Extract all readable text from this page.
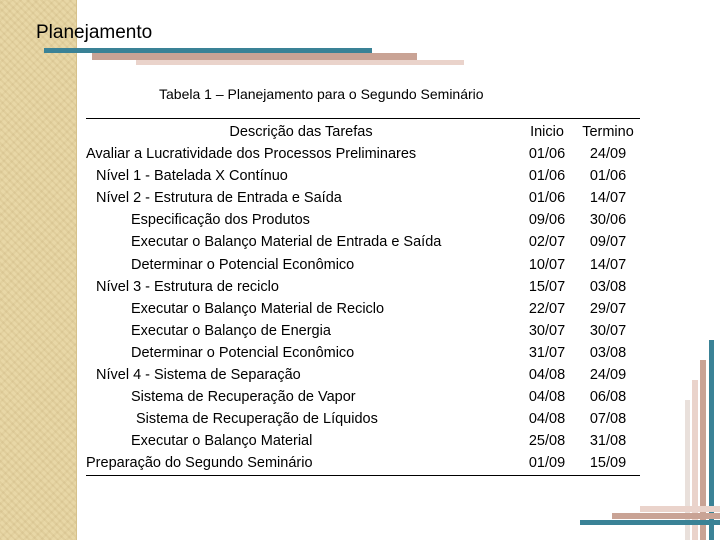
Planejamento

Tabela 1 – Planejamento para o Segundo Seminário

Descrição das Tarefas	Inicio	Termino
Avaliar a Lucratividade dos Processos Preliminares	01/06	24/09
Nível 1 - Batelada X Contínuo	01/06	01/06
Nível 2 - Estrutura de Entrada e Saída	01/06	14/07
Especificação dos Produtos	09/06	30/06
Executar o Balanço Material de Entrada e Saída	02/07	09/07
Determinar o Potencial Econômico	10/07	14/07
Nível 3 - Estrutura de reciclo	15/07	03/08
Executar o Balanço Material de Reciclo	22/07	29/07
Executar o Balanço de Energia	30/07	30/07
Determinar o Potencial Econômico	31/07	03/08
Nível 4 - Sistema de Separação	04/08	24/09
Sistema de Recuperação de Vapor	04/08	06/08
Sistema de Recuperação de Líquidos	04/08	07/08
Executar o Balanço Material	25/08	31/08
Preparação do Segundo Seminário	01/09	15/09
